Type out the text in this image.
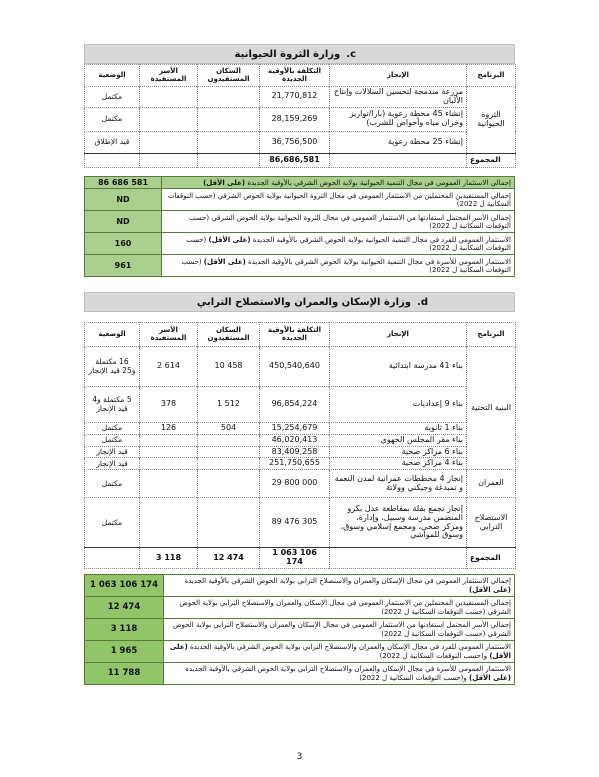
c.
وزارة الثروة الحيوانية
البرنامج	الإنجاز	التكلفة بالأوقية الجديدة	السكان المستفيدون	الأسر المستفيدة	الوضعية
الثروة الحيوانية	مزرعة مندمجة لتحسين السلالات وإنتاج الألبان	21,770,812			مكتمل
	إنشاء 45 محطة رعوية (بارا/تواريز وخزان مياه وأحواض للشرب)	28,159,269			مكتمل
	إنشاء 25 محطة رعوية	36,756,500			قيد الإطلاق
المجموع		86,686,581			
إجمالي الاستثمار العمومي في مجال التنمية الحيوانية بولاية الحوض الشرقي بالأوقية الجديدة (على الأقل)	86 686 581
إجمالي المستفيدين المحتملين من الاستثمار العمومي في مجال الثروة الحيوانية بولاية الحوض الشرقي (حسب التوقعات السكانية ل 2022)	ND
إجمالي الأسر المحتمل استفادتها من الاستثمار العمومي في مجال الثروة الحيوانية بولاية الحوض الشرقي (حسب التوقعات السكانية ل 2022)	ND
الاستثمار العمومي للفرد في مجال التنمية الحيوانية بولاية الحوض الشرقي بالأوقية الجديدة (على الأقل) (حسب التوقعات السكانية ل 2022)	160
الاستثمار العمومي للأسرة في مجال التنمية الحيوانية بولاية الحوض الشرقي بالأوقية الجديدة (على الأقل) (حسب التوقعات السكانية ل 2022)	961
d.
وزارة الإسكان والعمران والاستصلاح الترابي
البرنامج	الإنجاز	التكلفة بالأوقية الجديدة	السكان المستفيدون	الأسر المستفيدة	الوضعية
البنية التحتية	بناء 41 مدرسة ابتدائية	450,540,640	10 458	2 614	16 مكتملة و25 قيد الإنجاز
	بناء 9 إعداديات	96,854,224	1 512	378	5 مكتملة و4 قيد الإنجاز
	بناء 1 ثانوية	15,254,679	504	126	مكتمل
	بناء مقر المجلس الجهوي	46,020,413			مكتمل
	بناء 6 مراكز صحية	83,409,258			قيد الإنجاز
	بناء 4 مراكز صحية	251,750,655			قيد الإنجاز
العمران	إنجاز 4 مخططات عمرانية لمدن النعمة و تمبدغة وجيكني وولاتة	29 800 000			مكتمل
الاستصلاح الترابي	إنجاز تجمع بقلة بمقاطعة عدل بكرو المنضمن مدرسة وسبيل، وإدارة، ومركز صحي، ومجمع إسلامي وسوق، وسوق للمواشي	89 476 305			مكتمل
المجموع		1 063 106 174	12 474	3 118	
إجمالي الاستثمار العمومي في مجال الإسكان والعمران والاستصلاح الترابي بولاية الحوض الشرقي بالأوقية الجديدة (على الأقل)	1 063 106 174
إجمالي المستفيدين المحتملين من الاستثمار العمومي في مجال الإسكان والعمران والاستصلاح الترابي بولاية الحوض الشرقي (حسب التوقعات السكانية ل 2022)	12 474
إجمالي الأسر المحتمل استفادتها من الاستثمار العمومي في مجال الإسكان والعمران والاستصلاح الترابي بولاية الحوض الشرقي (حسب التوقعات السكانية ل 2022)	3 118
الاستثمار العمومي للفرد في مجال الإسكان والعمران والاستصلاح الترابي بولاية الحوض الشرقي بالأوقية الجديدة (على الأقل) و(حسب التوقعات السكانية ل 2022)	1 965
الاستثمار العمومي للأسرة في مجال الإسكان والعمران والاستصلاح الترابي بولاية الحوض الشرقي بالأوقية الجديدة (على الأقل) و(حسب التوقعات السكانية ل 2022)	11 788
3
